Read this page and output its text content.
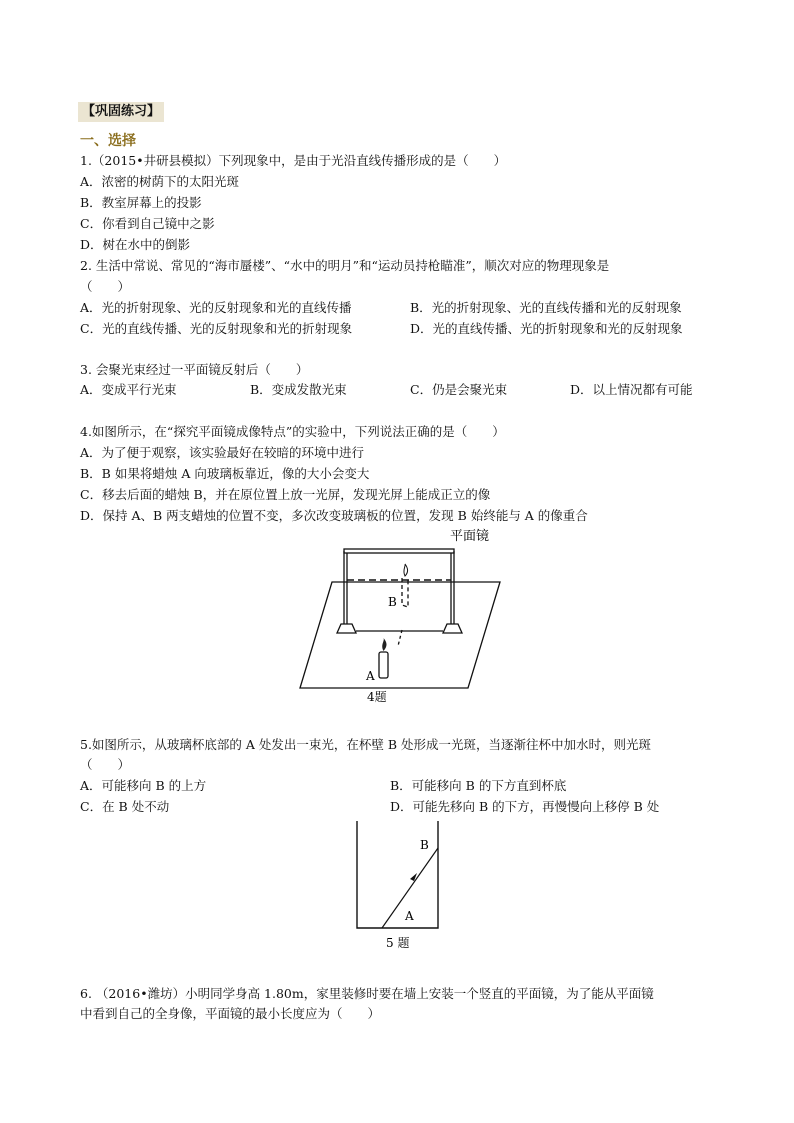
【巩固练习】
一、选择
1.（2015•井研县模拟）下列现象中，是由于光沿直线传播形成的是（　　）
A．浓密的树荫下的太阳光斑
B．教室屏幕上的投影
C．你看到自己镜中之影
D．树在水中的倒影
2. 生活中常说、常见的“海市蜃楼”、“水中的明月”和“运动员持枪瞄准”，顺次对应的物理现象是
（　　）
A．光的折射现象、光的反射现象和光的直线传播	B．光的折射现象、光的直线传播和光的反射现象
C．光的直线传播、光的反射现象和光的折射现象	D．光的直线传播、光的折射现象和光的反射现象
3. 会聚光束经过一平面镜反射后（　　）
A．变成平行光束	B．变成发散光束	C．仍是会聚光束	D．以上情况都有可能
4.如图所示，在“探究平面镜成像特点”的实验中，下列说法正确的是（　　）
A．为了便于观察，该实验最好在较暗的环境中进行
B．B 如果将蜡烛 A 向玻璃板靠近，像的大小会变大
C．移去后面的蜡烛 B，并在原位置上放一光屏，发现光屏上能成正立的像
D．保持 A、B 两支蜡烛的位置不变，多次改变玻璃板的位置，发现 B 始终能与 A 的像重合
平面镜
B
A
4题
5.如图所示，从玻璃杯底部的 A 处发出一束光，在杯壁 B 处形成一光斑，当逐渐往杯中加水时，则光斑
（　　）
A．可能移向 B 的上方	B．可能移向 B 的下方直到杯底
C．在 B 处不动	D．可能先移向 B 的下方，再慢慢向上移停 B 处
B
A
5 题
6. （2016•潍坊）小明同学身高 1.80m，家里装修时要在墙上安装一个竖直的平面镜，为了能从平面镜
中看到自己的全身像，平面镜的最小长度应为（　　）
